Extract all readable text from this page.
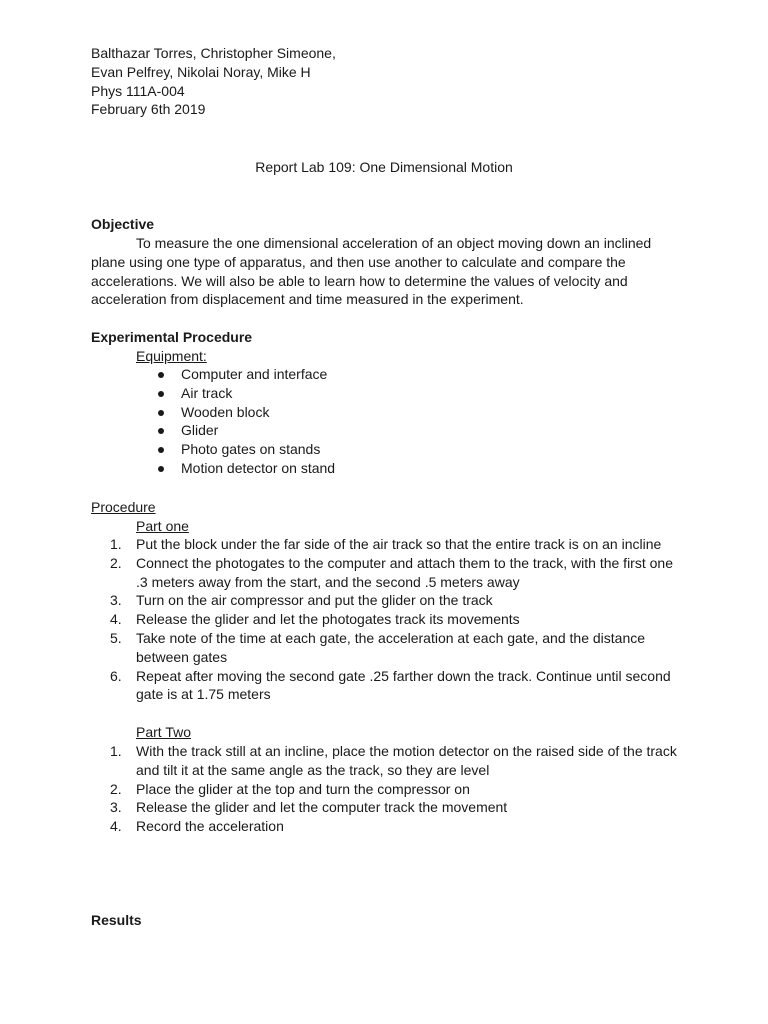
Balthazar Torres, Christopher Simeone,
Evan Pelfrey, Nikolai Noray, Mike H
Phys 111A-004
February 6th 2019
Report Lab 109: One Dimensional Motion
Objective
To measure the one dimensional acceleration of an object moving down an inclined plane using one type of apparatus, and then use another to calculate and compare the accelerations. We will also be able to learn how to determine the values of velocity and acceleration from displacement and time measured in the experiment.
Experimental Procedure
Equipment:
Computer and interface
Air track
Wooden block
Glider
Photo gates on stands
Motion detector on stand
Procedure
Part one
1. Put the block under the far side of the air track so that the entire track is on an incline
2. Connect the photogates to the computer and attach them to the track, with the first one .3 meters away from the start, and the second .5 meters away
3. Turn on the air compressor and put the glider on the track
4. Release the glider and let the photogates track its movements
5. Take note of the time at each gate, the acceleration at each gate, and the distance between gates
6. Repeat after moving the second gate .25 farther down the track. Continue until second gate is at 1.75 meters
Part Two
1. With the track still at an incline, place the motion detector on the raised side of the track and tilt it at the same angle as the track, so they are level
2. Place the glider at the top and turn the compressor on
3. Release the glider and let the computer track the movement
4. Record the acceleration
Results
